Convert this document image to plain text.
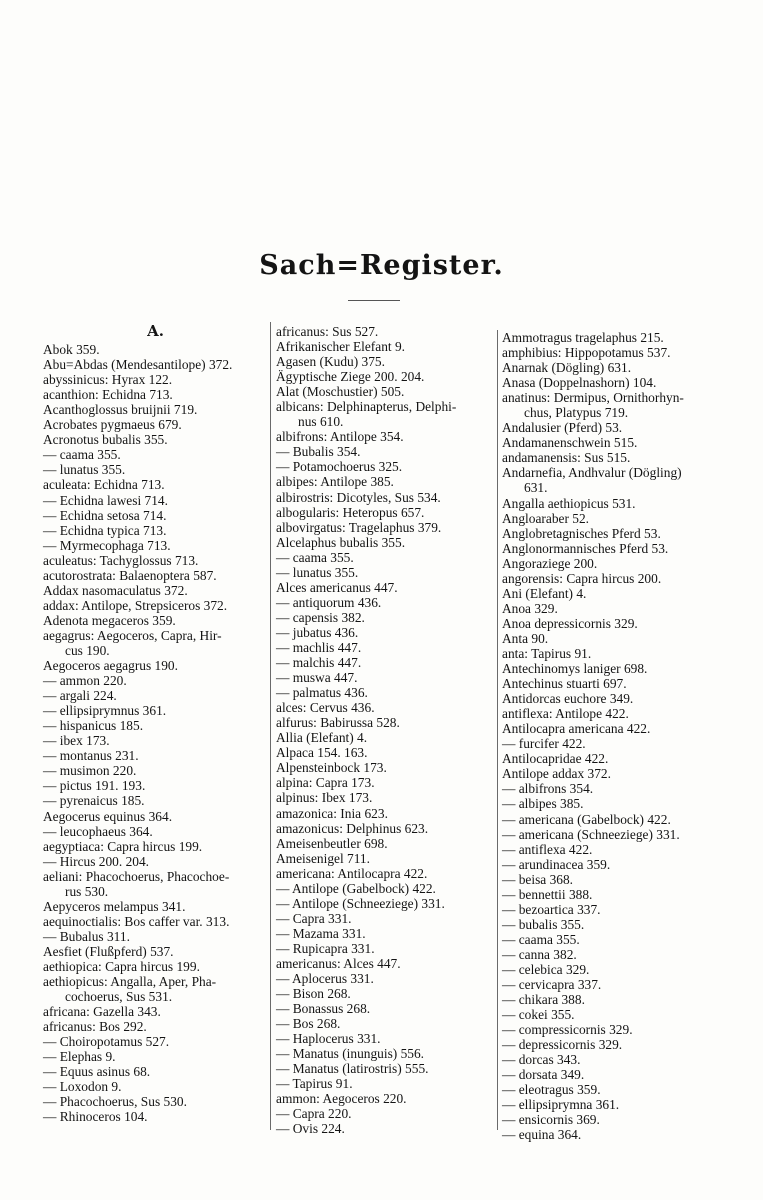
Sach=Register.
A.
Abok 359.
Abu=Abdas (Mendesantilope) 372.
abyssinicus: Hyrax 122.
acanthion: Echidna 713.
Acanthoglossus bruijnii 719.
Acrobates pygmaeus 679.
Acronotus bubalis 355.
— caama 355.
— lunatus 355.
aculeata: Echidna 713.
— Echidna lawesi 714.
— Echidna setosa 714.
— Echidna typica 713.
— Myrmecophaga 713.
aculeatus: Tachyglossus 713.
acutorostrata: Balaenoptera 587.
Addax nasomaculatus 372.
addax: Antilope, Strepsiceros 372.
Adenota megaceros 359.
aegagrus: Aegoceros, Capra, Hir-
cus 190.
Aegoceros aegagrus 190.
— ammon 220.
— argali 224.
— ellipsiprymnus 361.
— hispanicus 185.
— ibex 173.
— montanus 231.
— musimon 220.
— pictus 191. 193.
— pyrenaicus 185.
Aegocerus equinus 364.
— leucophaeus 364.
aegyptiaca: Capra hircus 199.
— Hircus 200. 204.
aeliani: Phacochoerus, Phacochoe-
rus 530.
Aepyceros melampus 341.
aequinoctialis: Bos caffer var. 313.
— Bubalus 311.
Aesfiet (Flußpferd) 537.
aethiopica: Capra hircus 199.
aethiopicus: Angalla, Aper, Pha-
cochoerus, Sus 531.
africana: Gazella 343.
africanus: Bos 292.
— Choiropotamus 527.
— Elephas 9.
— Equus asinus 68.
— Loxodon 9.
— Phacochoerus, Sus 530.
— Rhinoceros 104.
africanus: Sus 527.
Afrikanischer Elefant 9.
Agasen (Kudu) 375.
Ägyptische Ziege 200. 204.
Alat (Moschustier) 505.
albicans: Delphinapterus, Delphi-
nus 610.
albifrons: Antilope 354.
— Bubalis 354.
— Potamochoerus 325.
albipes: Antilope 385.
albirostris: Dicotyles, Sus 534.
albogularis: Heteropus 657.
albovirgatus: Tragelaphus 379.
Alcelaphus bubalis 355.
— caama 355.
— lunatus 355.
Alces americanus 447.
— antiquorum 436.
— capensis 382.
— jubatus 436.
— machlis 447.
— malchis 447.
— muswa 447.
— palmatus 436.
alces: Cervus 436.
alfurus: Babirussa 528.
Allia (Elefant) 4.
Alpaca 154. 163.
Alpensteinbock 173.
alpina: Capra 173.
alpinus: Ibex 173.
amazonica: Inia 623.
amazonicus: Delphinus 623.
Ameisenbeutler 698.
Ameisenigel 711.
americana: Antilocapra 422.
— Antilope (Gabelbock) 422.
— Antilope (Schneeziege) 331.
— Capra 331.
— Mazama 331.
— Rupicapra 331.
americanus: Alces 447.
— Aplocerus 331.
— Bison 268.
— Bonassus 268.
— Bos 268.
— Haplocerus 331.
— Manatus (inunguis) 556.
— Manatus (latirostris) 555.
— Tapirus 91.
ammon: Aegoceros 220.
— Capra 220.
— Ovis 224.
Ammotragus tragelaphus 215.
amphibius: Hippopotamus 537.
Anarnak (Dögling) 631.
Anasa (Doppelnashorn) 104.
anatinus: Dermipus, Ornithorhyn-
chus, Platypus 719.
Andalusier (Pferd) 53.
Andamanenschwein 515.
andamanensis: Sus 515.
Andarnefia, Andhvalur (Dögling)
631.
Angalla aethiopicus 531.
Angloaraber 52.
Anglobretagnisches Pferd 53.
Anglonormannisches Pferd 53.
Angoraziege 200.
angorensis: Capra hircus 200.
Ani (Elefant) 4.
Anoa 329.
Anoa depressicornis 329.
Anta 90.
anta: Tapirus 91.
Antechinomys laniger 698.
Antechinus stuarti 697.
Antidorcas euchore 349.
antiflexa: Antilope 422.
Antilocapra americana 422.
— furcifer 422.
Antilocapridae 422.
Antilope addax 372.
— albifrons 354.
— albipes 385.
— americana (Gabelbock) 422.
— americana (Schneeziege) 331.
— antiflexa 422.
— arundinacea 359.
— beisa 368.
— bennettii 388.
— bezoartica 337.
— bubalis 355.
— caama 355.
— canna 382.
— celebica 329.
— cervicapra 337.
— chikara 388.
— cokei 355.
— compressicornis 329.
— depressicornis 329.
— dorcas 343.
— dorsata 349.
— eleotragus 359.
— ellipsiprymna 361.
— ensicornis 369.
— equina 364.
